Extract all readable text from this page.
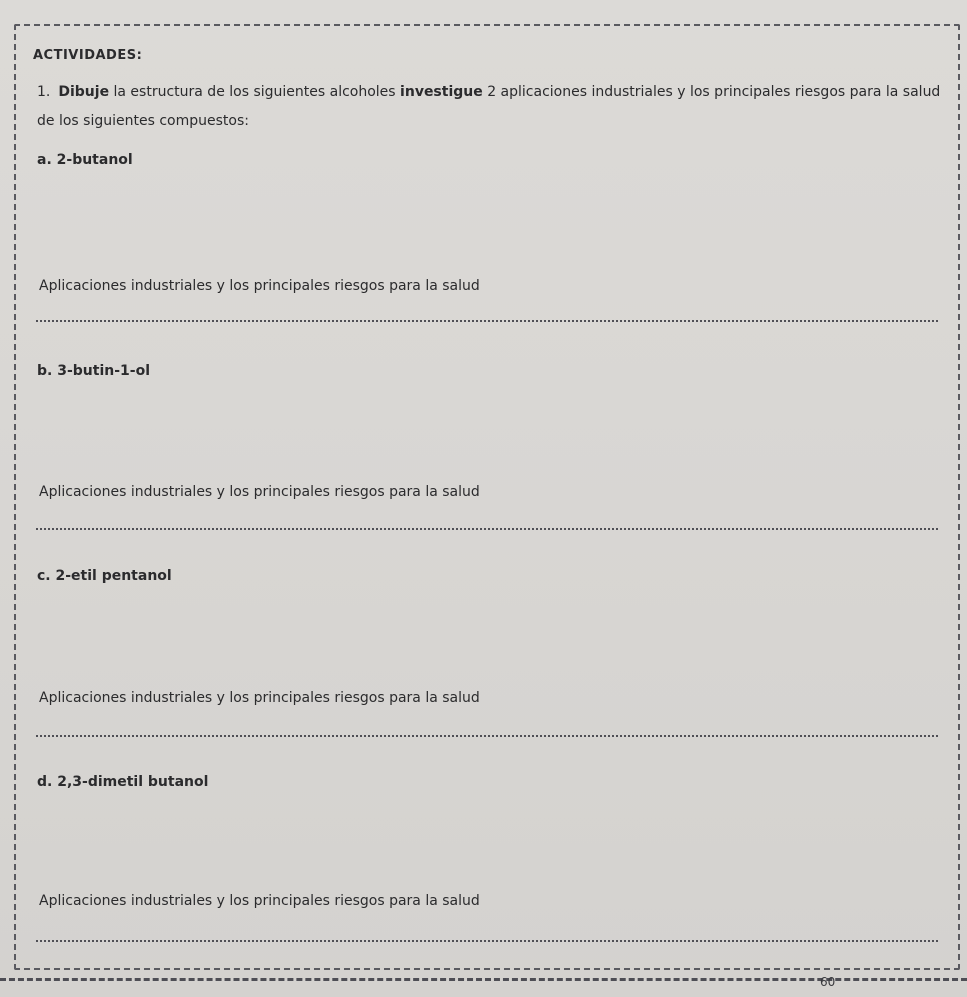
ACTIVIDADES:
1. Dibuje la estructura de los siguientes alcoholes investigue 2 aplicaciones industriales y los principales riesgos para la salud de los siguientes compuestos:
a. 2-butanol
Aplicaciones industriales y los principales riesgos para la salud
b. 3-butin-1-ol
Aplicaciones industriales y los principales riesgos para la salud
c. 2-etil pentanol
Aplicaciones industriales y los principales riesgos para la salud
d. 2,3-dimetil butanol
Aplicaciones industriales y los principales riesgos para la salud
60
